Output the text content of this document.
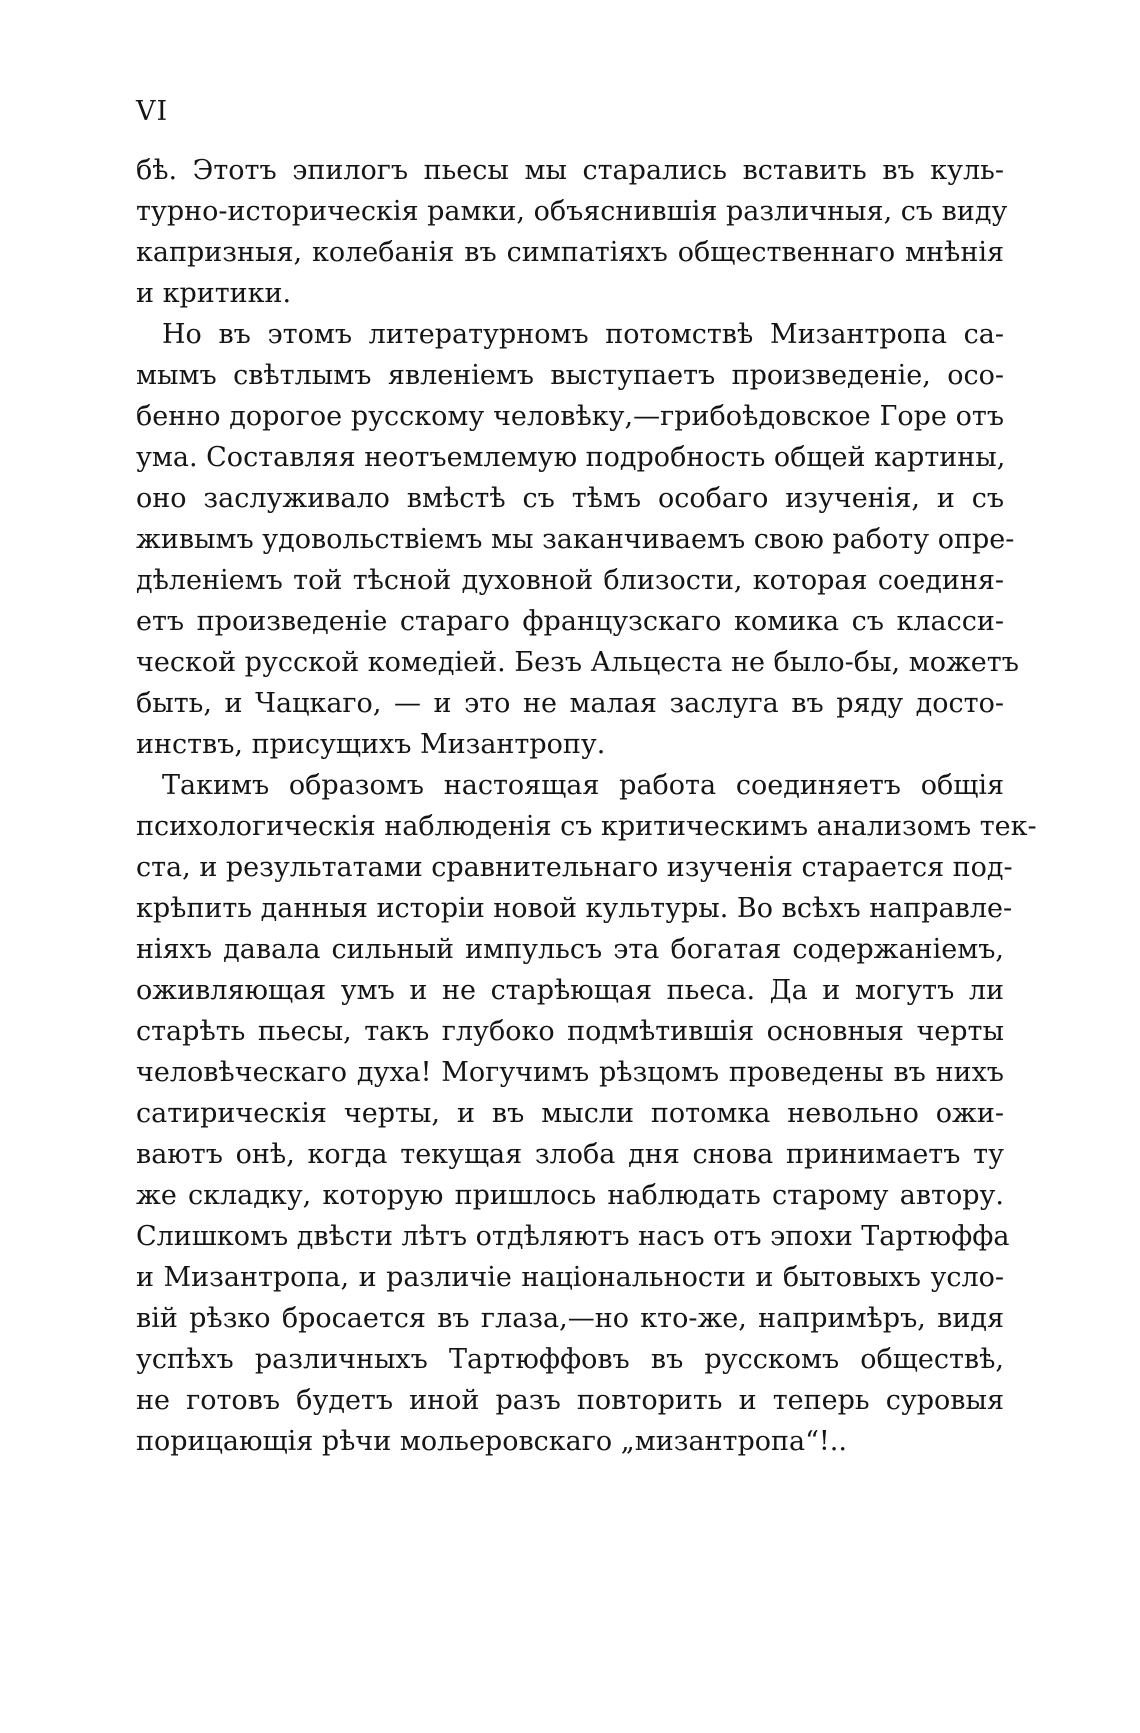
VI
бѣ. Этотъ эпилогъ пьесы мы старались вставить въ куль-
турно-историческія рамки, объяснившія различныя, съ виду
капризныя, колебанія въ симпатіяхъ общественнаго мнѣнія
и критики.
Но въ этомъ литературномъ потомствѣ Мизантропа са-
мымъ свѣтлымъ явленіемъ выступаетъ произведеніе, осо-
бенно дорогое русскому человѣку,—грибоѣдовское Горе отъ
ума. Составляя неотъемлемую подробность общей картины,
оно заслуживало вмѣстѣ съ тѣмъ особаго изученія, и съ
живымъ удовольствіемъ мы заканчиваемъ свою работу опре-
дѣленіемъ той тѣсной духовной близости, которая соединя-
етъ произведеніе стараго французскаго комика съ класси-
ческой русской комедіей. Безъ Альцеста не было-бы, можетъ
быть, и Чацкаго, — и это не малая заслуга въ ряду досто-
инствъ, присущихъ Мизантропу.
Такимъ образомъ настоящая работа соединяетъ общія
психологическія наблюденія съ критическимъ анализомъ тек-
ста, и результатами сравнительнаго изученія старается под-
крѣпить данныя исторіи новой культуры. Во всѣхъ направле-
ніяхъ давала сильный импульсъ эта богатая содержаніемъ,
оживляющая умъ и не старѣющая пьеса. Да и могутъ ли
старѣть пьесы, такъ глубоко подмѣтившія основныя черты
человѣческаго духа! Могучимъ рѣзцомъ проведены въ нихъ
сатирическія черты, и въ мысли потомка невольно ожи-
ваютъ онѣ, когда текущая злоба дня снова принимаетъ ту
же складку, которую пришлось наблюдать старому автору.
Слишкомъ двѣсти лѣтъ отдѣляютъ насъ отъ эпохи Тартюффа
и Мизантропа, и различіе національности и бытовыхъ усло-
вій рѣзко бросается въ глаза,—но кто-же, напримѣръ, видя
успѣхъ различныхъ Тартюффовъ въ русскомъ обществѣ,
не готовъ будетъ иной разъ повторить и теперь суровыя
порицающія рѣчи мольеровскаго „мизантропа“!..
